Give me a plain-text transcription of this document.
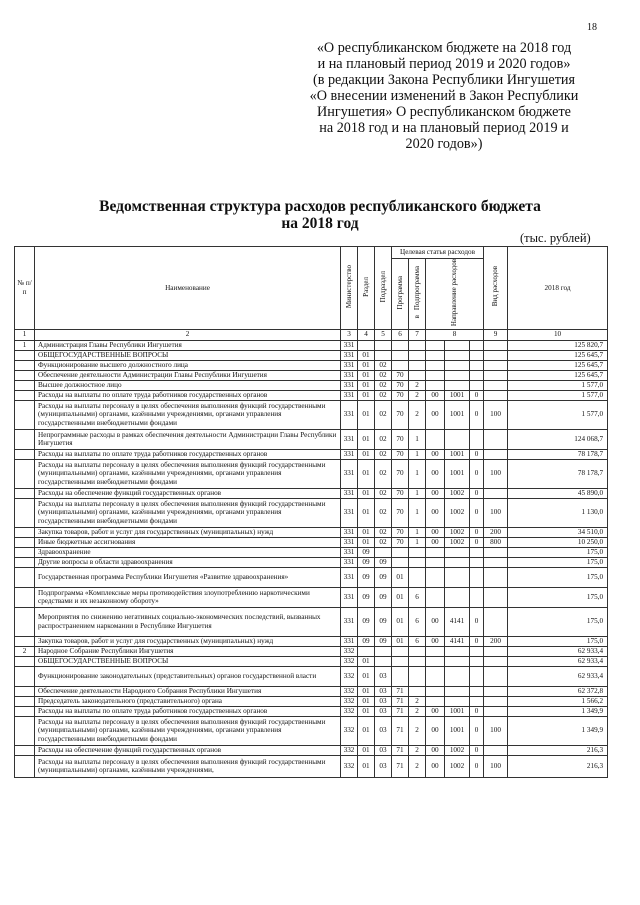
18
«О республиканском бюджете на 2018 год
и на плановый период 2019 и 2020 годов»
(в редакции Закона Республики Ингушетия
«О внесении изменений в Закон Республики
Ингушетия» О республиканском бюджете
на 2018 год и на плановый период 2019 и
2020 годов»)
Ведомственная структура расходов республиканского бюджета
на 2018 год
(тыс. рублей)
№ п/п	Наименование	Министерство	Раздел	Подраздел	Целевая статья расходов					Вид расходов	2018 год
					Программа	Подпрограмма в	Направление расходов				
1	2	3	4	5	6	7	8			9	10
1	Администрация Главы Республики Ингушетия	331									125 820,7
	ОБЩЕГОСУДАРСТВЕННЫЕ ВОПРОСЫ	331	01								125 645,7
	Функционирование высшего должностного лица	331	01	02							125 645,7
	Обеспечение деятельности Администрации Главы Республики Ингушетия	331	01	02	70						125 645,7
	Высшее должностное лицо	331	01	02	70	2					1 577,0
	Расходы на выплаты по оплате труда работников государственных органов	331	01	02	70	2	00	1001	0		1 577,0
	Расходы на выплаты персоналу в целях обеспечения выполнения функций государственными (муниципальными) органами, казёнными учреждениями, органами управления государственными внебюджетными фондами	331	01	02	70	2	00	1001	0	100	1 577,0
	Непрограммные расходы в рамках обеспечения деятельности Администрации Главы Республики Ингушетия	331	01	02	70	1					124 068,7
	Расходы на выплаты по оплате труда работников государственных органов	331	01	02	70	1	00	1001	0		78 178,7
	Расходы на выплаты персоналу в целях обеспечения выполнения функций государственными (муниципальными) органами, казёнными учреждениями, органами управления государственными внебюджетными фондами	331	01	02	70	1	00	1001	0	100	78 178,7
	Расходы на обеспечение функций государственных органов	331	01	02	70	1	00	1002	0		45 890,0
	Расходы на выплаты персоналу в целях обеспечения выполнения функций государственными (муниципальными) органами, казёнными учреждениями, органами управления государственными внебюджетными фондами	331	01	02	70	1	00	1002	0	100	1 130,0
	Закупка товаров, работ и услуг для государственных (муниципальных) нужд	331	01	02	70	1	00	1002	0	200	34 510,0
	Иные бюджетные ассигнования	331	01	02	70	1	00	1002	0	800	10 250,0
	Здравоохранение	331	09								175,0
	Другие вопросы в области здравоохранения	331	09	09							175,0
	Государственная программа Республики Ингушетия «Развитие здравоохранения»	331	09	09	01						175,0
	Подпрограмма «Комплексные меры противодействия злоупотреблению наркотическими средствами и их незаконному обороту»	331	09	09	01	6					175,0
	Мероприятия по снижению негативных социально-экономических последствий, вызванных распространением наркомании в Республике Ингушетия	331	09	09	01	6	00	4141	0		175,0
	Закупка товаров, работ и услуг для государственных (муниципальных) нужд	331	09	09	01	6	00	4141	0	200	175,0
2	Народное Собрание Республики Ингушетия	332									62 933,4
	ОБЩЕГОСУДАРСТВЕННЫЕ ВОПРОСЫ	332	01								62 933,4
	Функционирование законодательных (представительных) органов государственной власти	332	01	03							62 933,4
	Обеспечение деятельности Народного Собрания Республики Ингушетия	332	01	03	71						62 372,8
	Председатель законодательного (представительного) органа	332	01	03	71	2					1 566,2
	Расходы на выплаты по оплате труда работников государственных органов	332	01	03	71	2	00	1001	0		1 349,9
	Расходы на выплаты персоналу в целях обеспечения выполнения функций государственными (муниципальными) органами, казёнными учреждениями, органами управления государственными внебюджетными фондами	332	01	03	71	2	00	1001	0	100	1 349,9
	Расходы на обеспечение функций государственных органов	332	01	03	71	2	00	1002	0		216,3
	Расходы на выплаты персоналу в целях обеспечения выполнения функций государственными (муниципальными) органами, казёнными учреждениями,	332	01	03	71	2	00	1002	0	100	216,3
